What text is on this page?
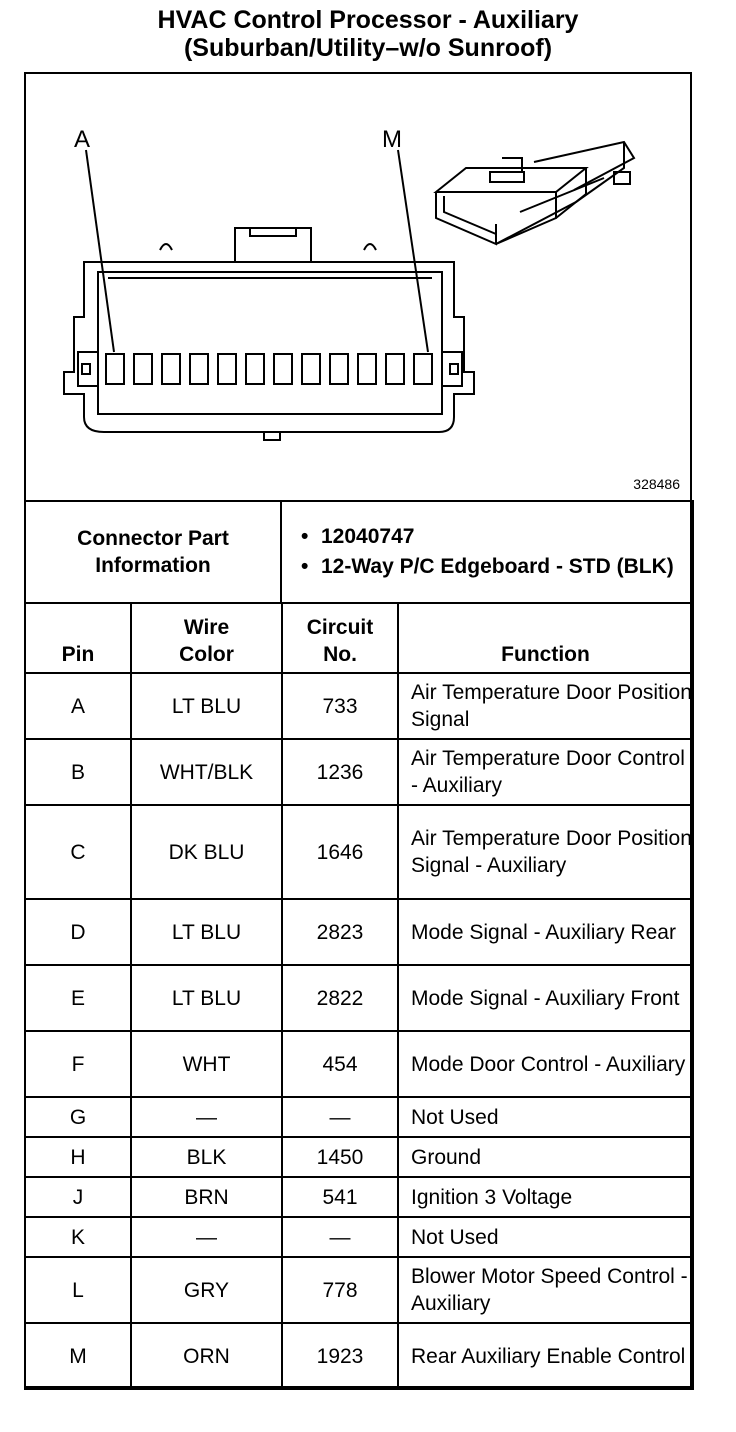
HVAC Control Processor - Auxiliary
(Suburban/Utility–w/o Sunroof)
A	M
328486
Connector Part Information	
• 12040747
• 12-Way P/C Edgeboard - STD (BLK)
Pin	Wire Color	Circuit No.	Function
A	LT BLU	733	Air Temperature Door Position Signal
B	WHT/BLK	1236	Air Temperature Door Control - Auxiliary
C	DK BLU	1646	Air Temperature Door Position Signal - Auxiliary
D	LT BLU	2823	Mode Signal - Auxiliary Rear
E	LT BLU	2822	Mode Signal - Auxiliary Front
F	WHT	454	Mode Door Control - Auxiliary
G	—	—	Not Used
H	BLK	1450	Ground
J	BRN	541	Ignition 3 Voltage
K	—	—	Not Used
L	GRY	778	Blower Motor Speed Control - Auxiliary
M	ORN	1923	Rear Auxiliary Enable Control
